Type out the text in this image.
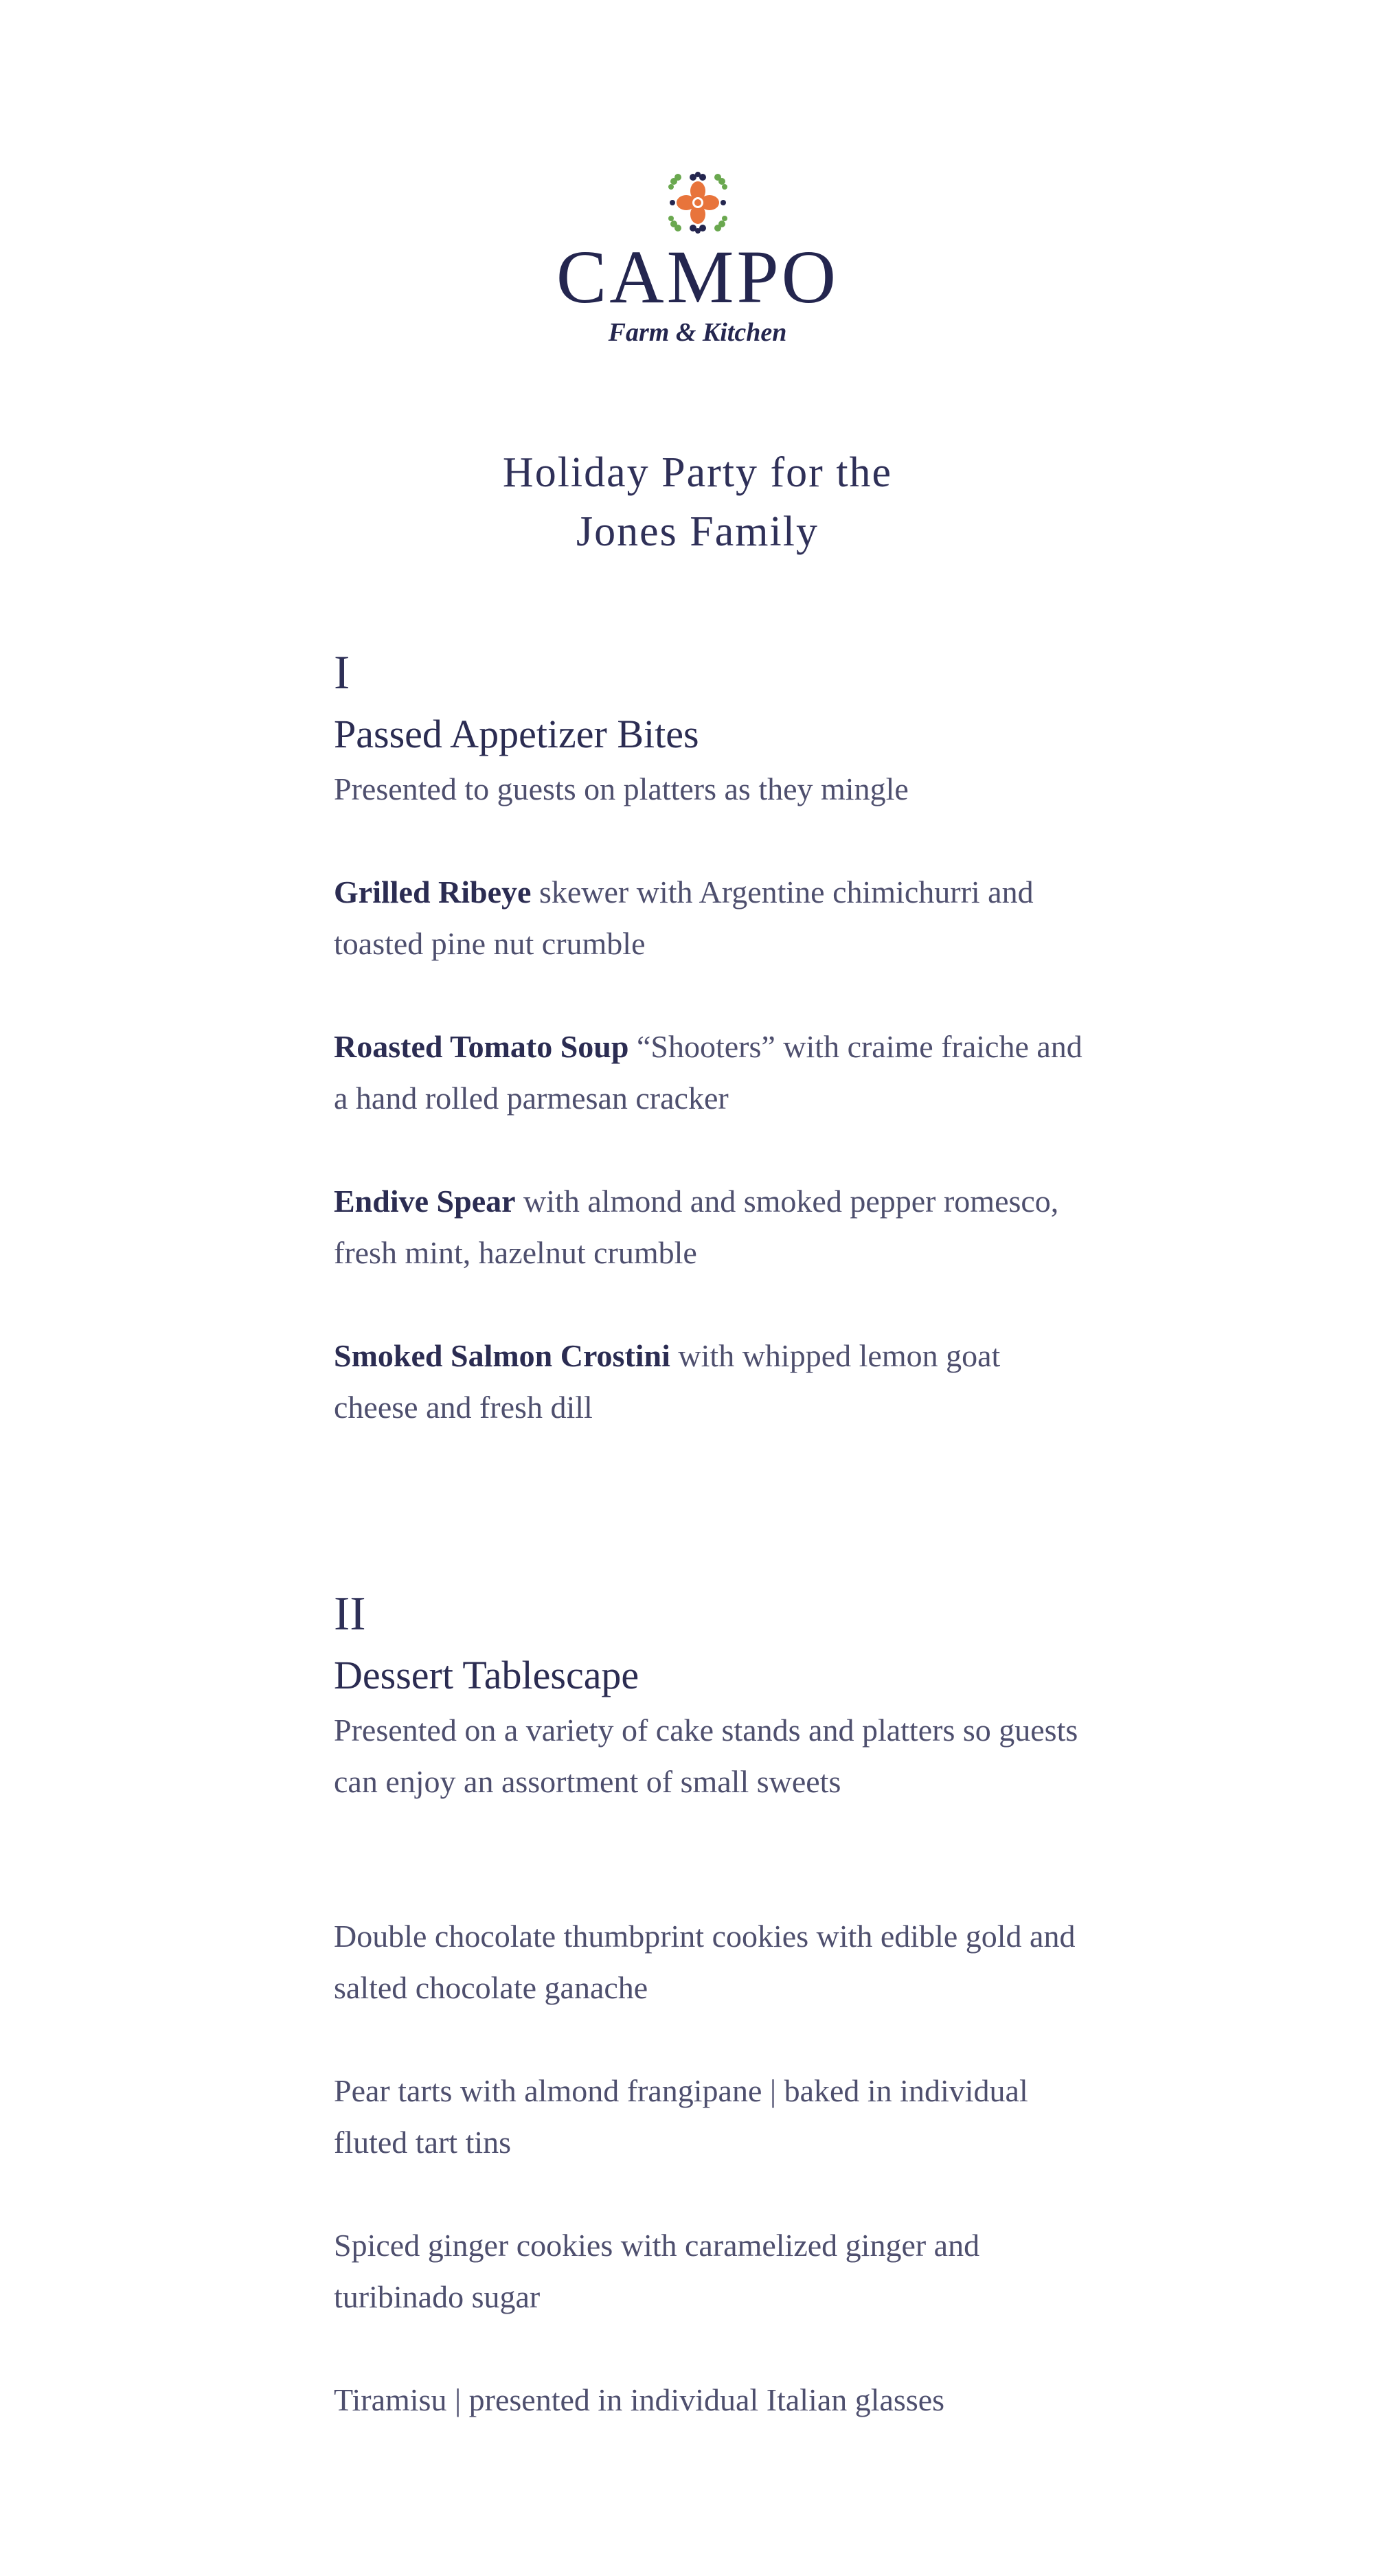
CAMPO
Farm & Kitchen
Holiday Party for the
Jones Family
I
Passed Appetizer Bites
Presented to guests on platters as they mingle
Grilled Ribeye skewer with Argentine chimichurri and toasted pine nut crumble
Roasted Tomato Soup “Shooters” with craime fraiche and a hand rolled parmesan cracker
Endive Spear with almond and smoked pepper romesco, fresh mint, hazelnut crumble
Smoked Salmon Crostini with whipped lemon goat cheese and fresh dill
II
Dessert Tablescape
Presented on a variety of cake stands and platters so guests can enjoy an assortment of small sweets
Double chocolate thumbprint cookies with edible gold and salted chocolate ganache
Pear tarts with almond frangipane | baked in individual fluted tart tins
Spiced ginger cookies with caramelized ginger and turibinado sugar
Tiramisu | presented in individual Italian glasses
